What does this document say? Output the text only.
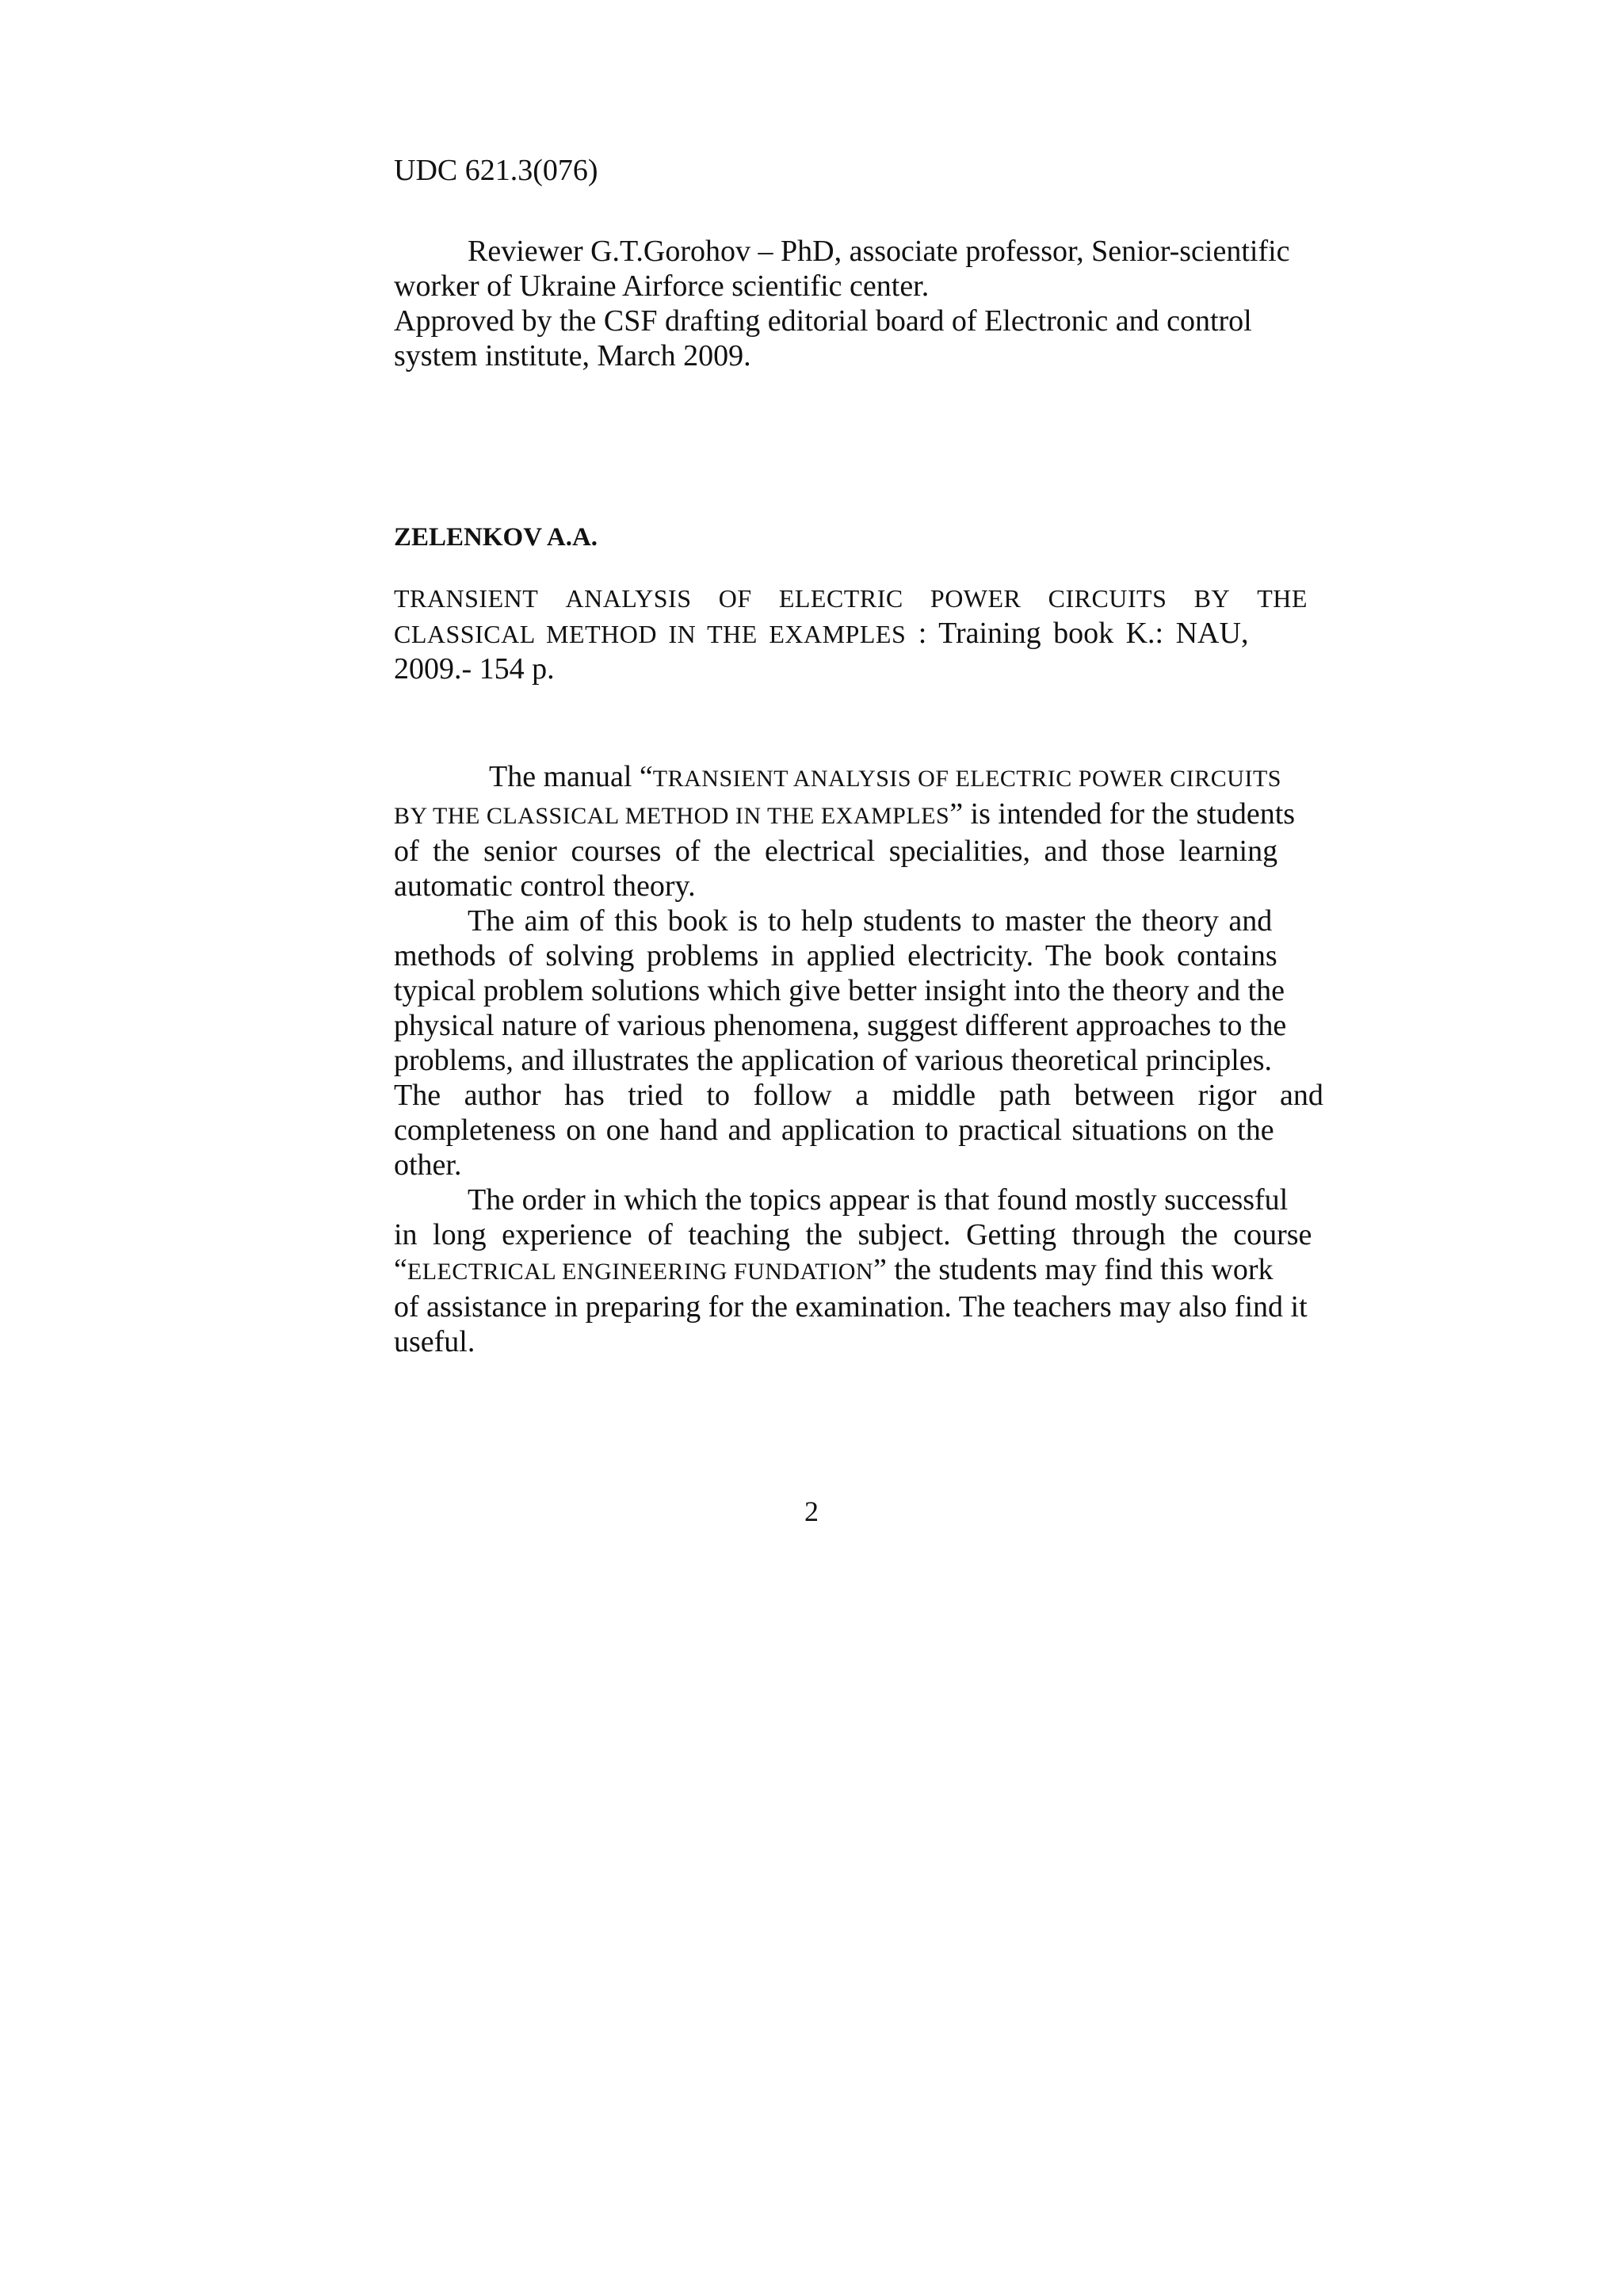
UDC 621.3(076)

Reviewer G.T.Gorohov – PhD, associate professor, Senior-scientific

worker of Ukraine Airforce scientific center.

Approved by the CSF drafting editorial board of Electronic and control

system institute, March 2009.

ZELENKOV A.A.
TRANSIENT ANALYSIS OF ELECTRIC POWER CIRCUITS BY THE

CLASSICAL METHOD IN THE EXAMPLES : Training book K.: NAU,

2009.- 154 p.

The manual “TRANSIENT ANALYSIS OF ELECTRIC POWER CIRCUITS

BY THE CLASSICAL METHOD IN THE EXAMPLES” is intended for the students

of the senior courses of the electrical specialities, and those learning

automatic control theory.

The aim of this book is to help students to master the theory and

methods of solving problems in applied electricity. The book contains

typical problem solutions which give better insight into the theory and the

physical nature of various phenomena, suggest different approaches to the

problems, and illustrates the application of various theoretical principles.

The author has tried to follow a middle path between rigor and

completeness on one hand and application to practical situations on the

other.

The order in which the topics appear is that found mostly successful

in long experience of teaching the subject. Getting through the course

“ELECTRICAL ENGINEERING FUNDATION” the students may find this work

of assistance in preparing for the examination. The teachers may also find it

useful.

2
